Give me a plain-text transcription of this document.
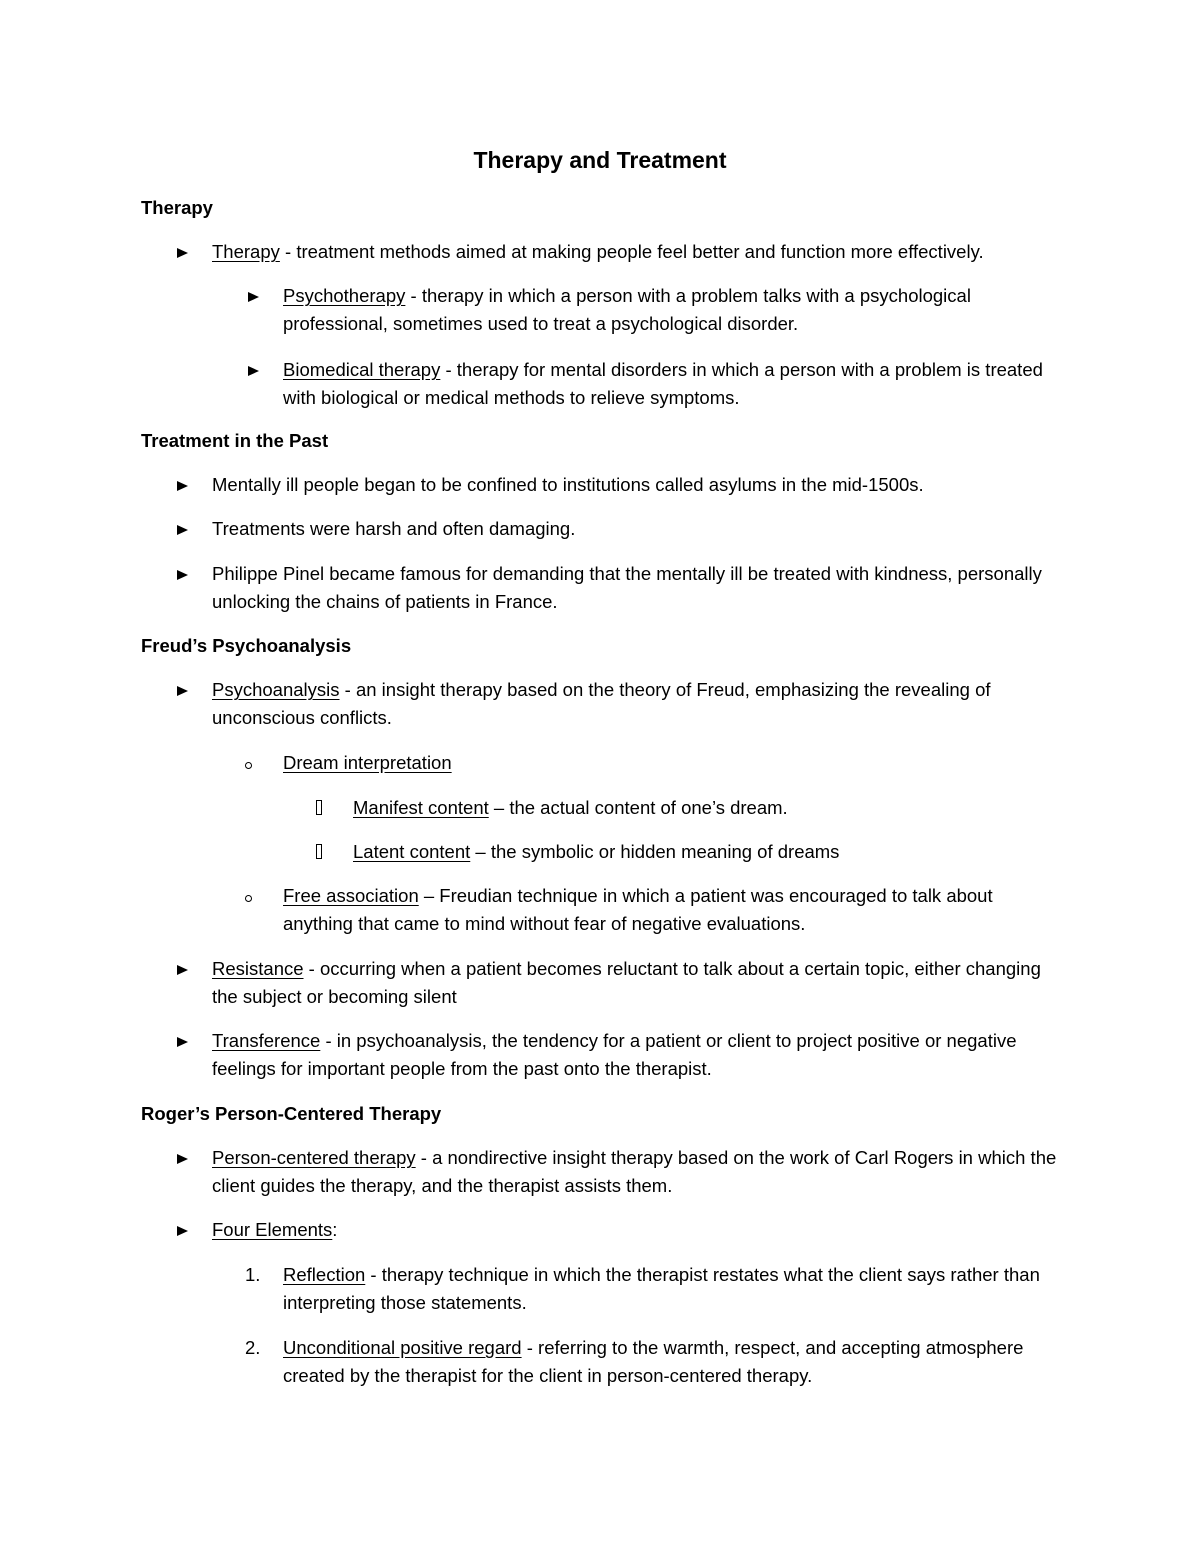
Therapy and Treatment
Therapy
Therapy - treatment methods aimed at making people feel better and function more effectively.
Psychotherapy - therapy in which a person with a problem talks with a psychological professional, sometimes used to treat a psychological disorder.
Biomedical therapy - therapy for mental disorders in which a person with a problem is treated with biological or medical methods to relieve symptoms.
Treatment in the Past
Mentally ill people began to be confined to institutions called asylums in the mid-1500s.
Treatments were harsh and often damaging.
Philippe Pinel became famous for demanding that the mentally ill be treated with kindness, personally unlocking the chains of patients in France.
Freud’s Psychoanalysis
Psychoanalysis - an insight therapy based on the theory of Freud, emphasizing the revealing of unconscious conflicts.
Dream interpretation
Manifest content – the actual content of one’s dream.
Latent content – the symbolic or hidden meaning of dreams
Free association – Freudian technique in which a patient was encouraged to talk about anything that came to mind without fear of negative evaluations.
Resistance - occurring when a patient becomes reluctant to talk about a certain topic, either changing the subject or becoming silent
Transference - in psychoanalysis, the tendency for a patient or client to project positive or negative feelings for important people from the past onto the therapist.
Roger’s Person-Centered Therapy
Person-centered therapy - a nondirective insight therapy based on the work of Carl Rogers in which the client guides the therapy, and the therapist assists them.
Four Elements:
1. Reflection - therapy technique in which the therapist restates what the client says rather than interpreting those statements.
2. Unconditional positive regard - referring to the warmth, respect, and accepting atmosphere created by the therapist for the client in person-centered therapy.
